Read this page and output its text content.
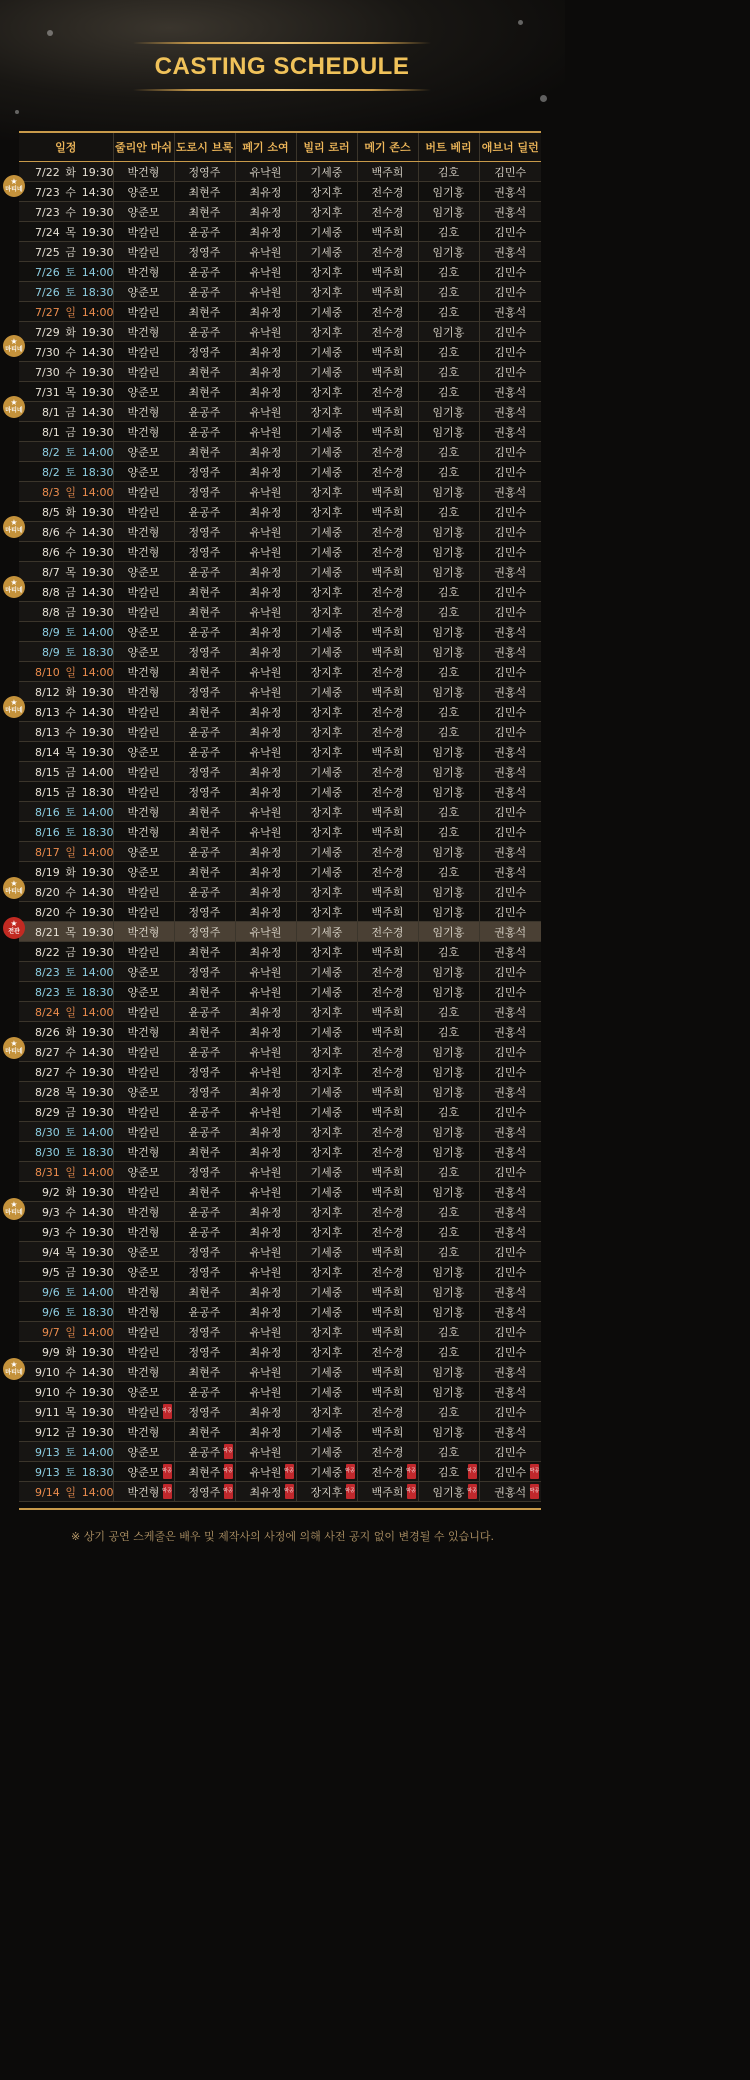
CASTING SCHEDULE
일정	줄리안 마쉬	도로시 브록	페기 소여	빌리 로러	메기 존스	버트 베리	애브너 딜런
7/22 화 19:30	박건형	정영주	유낙원	기세중	백주희	김호	김민수
7/23 수 14:30	양준모	최현주	최유정	장지후	전수경	임기홍	권홍석
7/23 수 19:30	양준모	최현주	최유정	장지후	전수경	임기홍	권홍석
7/24 목 19:30	박칼린	윤공주	최유정	기세중	백주희	김호	김민수
7/25 금 19:30	박칼린	정영주	유낙원	기세중	전수경	임기홍	권홍석
7/26 토 14:00	박건형	윤공주	유낙원	장지후	백주희	김호	김민수
7/26 토 18:30	양준모	윤공주	유낙원	장지후	백주희	김호	김민수
7/27 일 14:00	박칼린	최현주	최유정	기세중	전수경	김호	권홍석
7/29 화 19:30	박건형	윤공주	유낙원	장지후	전수경	임기홍	김민수
7/30 수 14:30	박칼린	정영주	최유정	기세중	백주희	김호	김민수
7/30 수 19:30	박칼린	최현주	최유정	기세중	백주희	김호	김민수
7/31 목 19:30	양준모	최현주	최유정	장지후	전수경	김호	권홍석
8/1 금 14:30	박건형	윤공주	유낙원	장지후	백주희	임기홍	권홍석
8/1 금 19:30	박건형	윤공주	유낙원	기세중	백주희	임기홍	권홍석
8/2 토 14:00	양준모	최현주	최유정	기세중	전수경	김호	김민수
8/2 토 18:30	양준모	정영주	최유정	기세중	전수경	김호	김민수
8/3 일 14:00	박칼린	정영주	유낙원	장지후	백주희	임기홍	권홍석
8/5 화 19:30	박칼린	윤공주	최유정	장지후	백주희	김호	김민수
8/6 수 14:30	박건형	정영주	유낙원	기세중	전수경	임기홍	김민수
8/6 수 19:30	박건형	정영주	유낙원	기세중	전수경	임기홍	김민수
8/7 목 19:30	양준모	윤공주	최유정	기세중	백주희	임기홍	권홍석
8/8 금 14:30	박칼린	최현주	최유정	장지후	전수경	김호	김민수
8/8 금 19:30	박칼린	최현주	유낙원	장지후	전수경	김호	김민수
8/9 토 14:00	양준모	윤공주	최유정	기세중	백주희	임기홍	권홍석
8/9 토 18:30	양준모	정영주	최유정	기세중	백주희	임기홍	권홍석
8/10 일 14:00	박건형	최현주	유낙원	장지후	전수경	김호	김민수
8/12 화 19:30	박건형	정영주	유낙원	기세중	백주희	임기홍	권홍석
8/13 수 14:30	박칼린	최현주	최유정	장지후	전수경	김호	김민수
8/13 수 19:30	박칼린	윤공주	최유정	장지후	전수경	김호	김민수
8/14 목 19:30	양준모	윤공주	유낙원	장지후	백주희	임기홍	권홍석
8/15 금 14:00	박칼린	정영주	최유정	기세중	전수경	임기홍	권홍석
8/15 금 18:30	박칼린	정영주	최유정	기세중	전수경	임기홍	권홍석
8/16 토 14:00	박건형	최현주	유낙원	장지후	백주희	김호	김민수
8/16 토 18:30	박건형	최현주	유낙원	장지후	백주희	김호	김민수
8/17 일 14:00	양준모	윤공주	최유정	기세중	전수경	임기홍	권홍석
8/19 화 19:30	양준모	최현주	최유정	기세중	전수경	김호	권홍석
8/20 수 14:30	박칼린	윤공주	최유정	장지후	백주희	임기홍	김민수
8/20 수 19:30	박칼린	정영주	최유정	장지후	백주희	임기홍	김민수
8/21 목 19:30	박건형	정영주	유낙원	기세중	전수경	임기홍	권홍석
8/22 금 19:30	박칼린	최현주	최유정	장지후	백주희	김호	권홍석
8/23 토 14:00	양준모	정영주	유낙원	기세중	전수경	임기홍	김민수
8/23 토 18:30	양준모	최현주	유낙원	기세중	전수경	임기홍	김민수
8/24 일 14:00	박칼린	윤공주	최유정	장지후	백주희	김호	권홍석
8/26 화 19:30	박건형	최현주	최유정	기세중	백주희	김호	권홍석
8/27 수 14:30	박칼린	윤공주	유낙원	장지후	전수경	임기홍	김민수
8/27 수 19:30	박칼린	정영주	유낙원	장지후	전수경	임기홍	김민수
8/28 목 19:30	양준모	정영주	최유정	기세중	백주희	임기홍	권홍석
8/29 금 19:30	박칼린	윤공주	유낙원	기세중	백주희	김호	김민수
8/30 토 14:00	박칼린	윤공주	최유정	장지후	전수경	임기홍	권홍석
8/30 토 18:30	박건형	최현주	최유정	장지후	전수경	임기홍	권홍석
8/31 일 14:00	양준모	정영주	유낙원	기세중	백주희	김호	김민수
9/2 화 19:30	박칼린	최현주	유낙원	기세중	백주희	임기홍	권홍석
9/3 수 14:30	박건형	윤공주	최유정	장지후	전수경	김호	권홍석
9/3 수 19:30	박건형	윤공주	최유정	장지후	전수경	김호	권홍석
9/4 목 19:30	양준모	정영주	유낙원	기세중	백주희	김호	김민수
9/5 금 19:30	양준모	정영주	유낙원	장지후	전수경	임기홍	김민수
9/6 토 14:00	박건형	최현주	최유정	기세중	백주희	임기홍	권홍석
9/6 토 18:30	박건형	윤공주	최유정	기세중	백주희	임기홍	권홍석
9/7 일 14:00	박칼린	정영주	유낙원	장지후	백주희	김호	김민수
9/9 화 19:30	박칼린	정영주	최유정	장지후	전수경	김호	김민수
9/10 수 14:30	박건형	최현주	유낙원	기세중	백주희	임기홍	권홍석
9/10 수 19:30	양준모	윤공주	유낙원	기세중	백주희	임기홍	권홍석
9/11 목 19:30	박칼린 막공	정영주	최유정	장지후	전수경	김호	김민수
9/12 금 19:30	박건형	최현주	최유정	기세중	백주희	임기홍	권홍석
9/13 토 14:00	양준모	윤공주 막공	유낙원	기세중	전수경	김호	김민수
9/13 토 18:30	양준모 막공	최현주 막공	유낙원 막공	기세중 막공	전수경 막공	김호 막공	김민수 막공

9/14 일 14:00	박건형 막공	정영주 막공	최유정 막공	장지후 막공	백주희 막공	임기홍 막공	권홍석 막공
★
마티네
★
마티네
★
마티네
★
마티네
★
마티네
★
마티네
★
마티네
★
전관
★
마티네
★
마티네
★
마티네
※ 상기 공연 스케줄은 배우 및 제작사의 사정에 의해 사전 공지 없이 변경될 수 있습니다.
